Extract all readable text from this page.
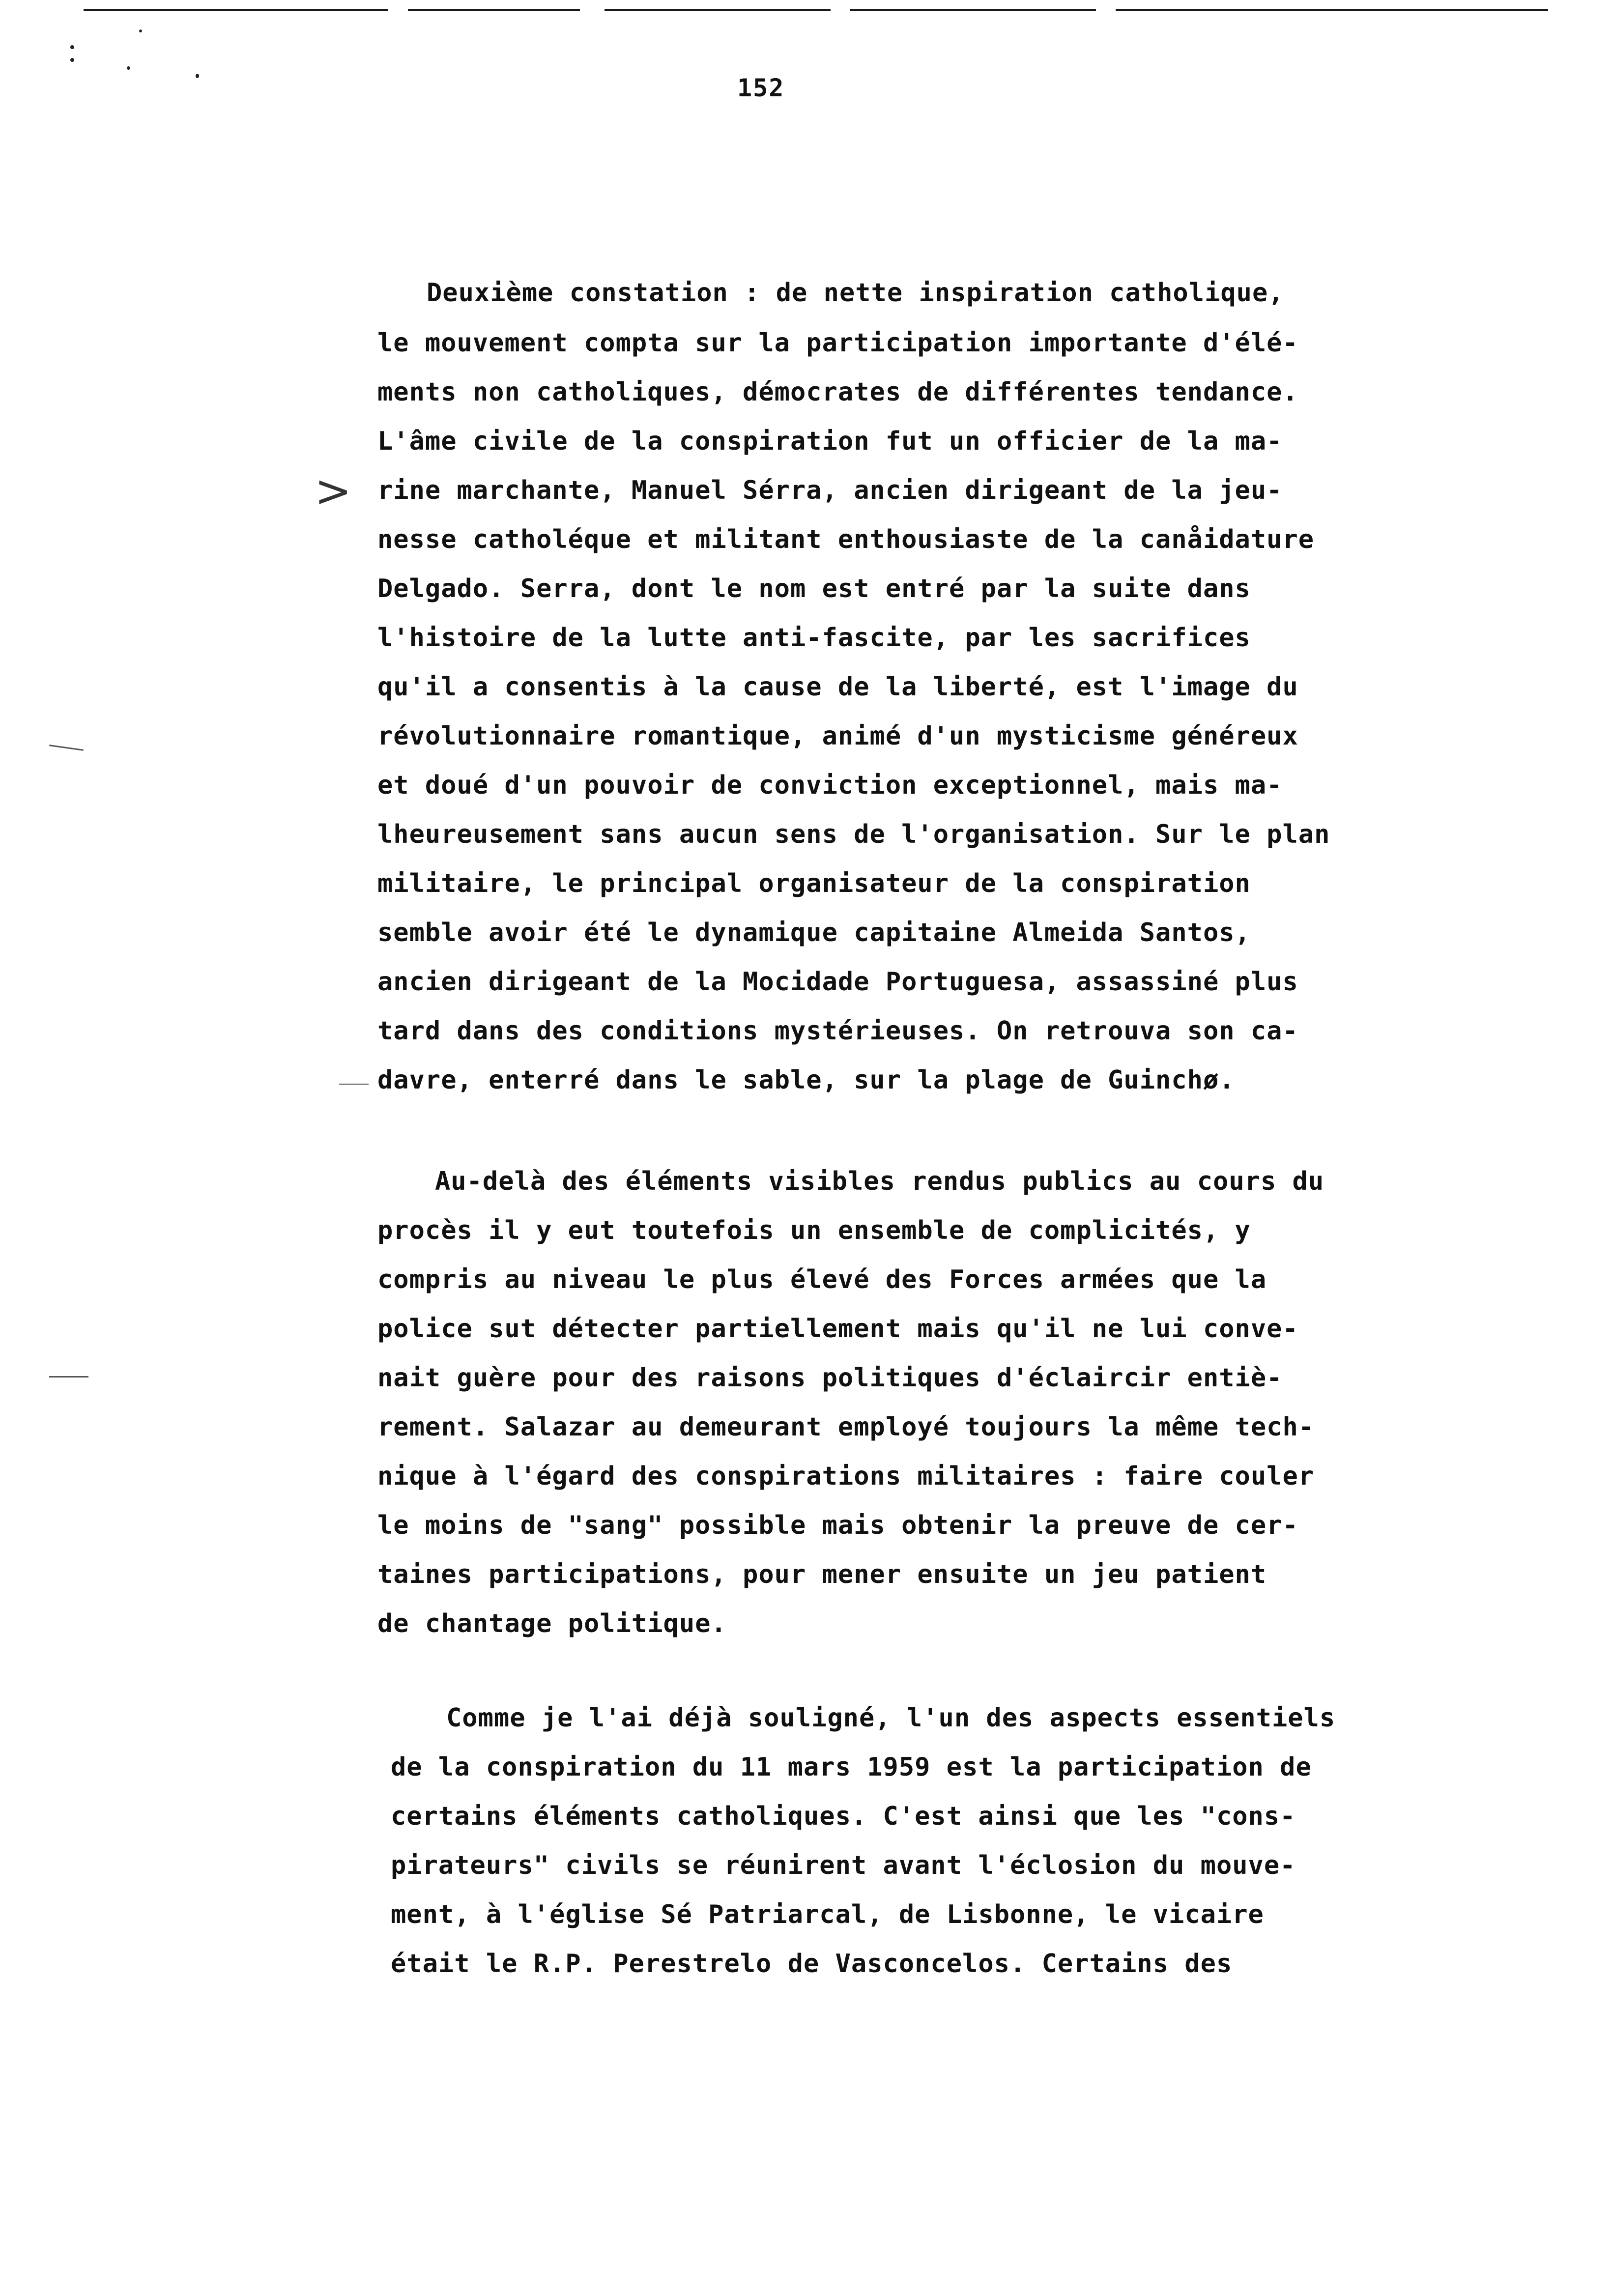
152
Deuxième constation : de nette inspiration catholique,
le mouvement compta sur la participation importante d'élé-
ments non catholiques, démocrates de différentes tendance.
L'âme civile de la conspiration fut un officier de la ma-
rine marchante, Manuel Sérra, ancien dirigeant de la jeu-
nesse catholéque et militant enthousiaste de la canåidature
Delgado. Serra, dont le nom est entré par la suite dans
l'histoire de la lutte anti-fascite, par les sacrifices
qu'il a consentis à la cause de la liberté, est l'image du
révolutionnaire romantique, animé d'un mysticisme généreux
et doué d'un pouvoir de conviction exceptionnel, mais ma-
lheureusement sans aucun sens de l'organisation. Sur le plan
militaire, le principal organisateur de la conspiration
semble avoir été le dynamique capitaine Almeida Santos,
ancien dirigeant de la Mocidade Portuguesa, assassiné plus
tard dans des conditions mystérieuses. On retrouva son ca-
davre, enterré dans le sable, sur la plage de Guinchø.
Au-delà des éléments visibles rendus publics au cours du
procès il y eut toutefois un ensemble de complicités, y
compris au niveau le plus élevé des Forces armées que la
police sut détecter partiellement mais qu'il ne lui conve-
nait guère pour des raisons politiques d'éclaircir entiè-
rement. Salazar au demeurant employé toujours la même tech-
nique à l'égard des conspirations militaires : faire couler
le moins de "sang" possible mais obtenir la preuve de cer-
taines participations, pour mener ensuite un jeu patient
de chantage politique.
Comme je l'ai déjà souligné, l'un des aspects essentiels
de la conspiration du 11 mars 1959 est la participation de
certains éléments catholiques. C'est ainsi que les "cons-
pirateurs" civils se réunirent avant l'éclosion du mouve-
ment, à l'église Sé Patriarcal, de Lisbonne, le vicaire
était le R.P. Perestrelo de Vasconcelos. Certains des
>
